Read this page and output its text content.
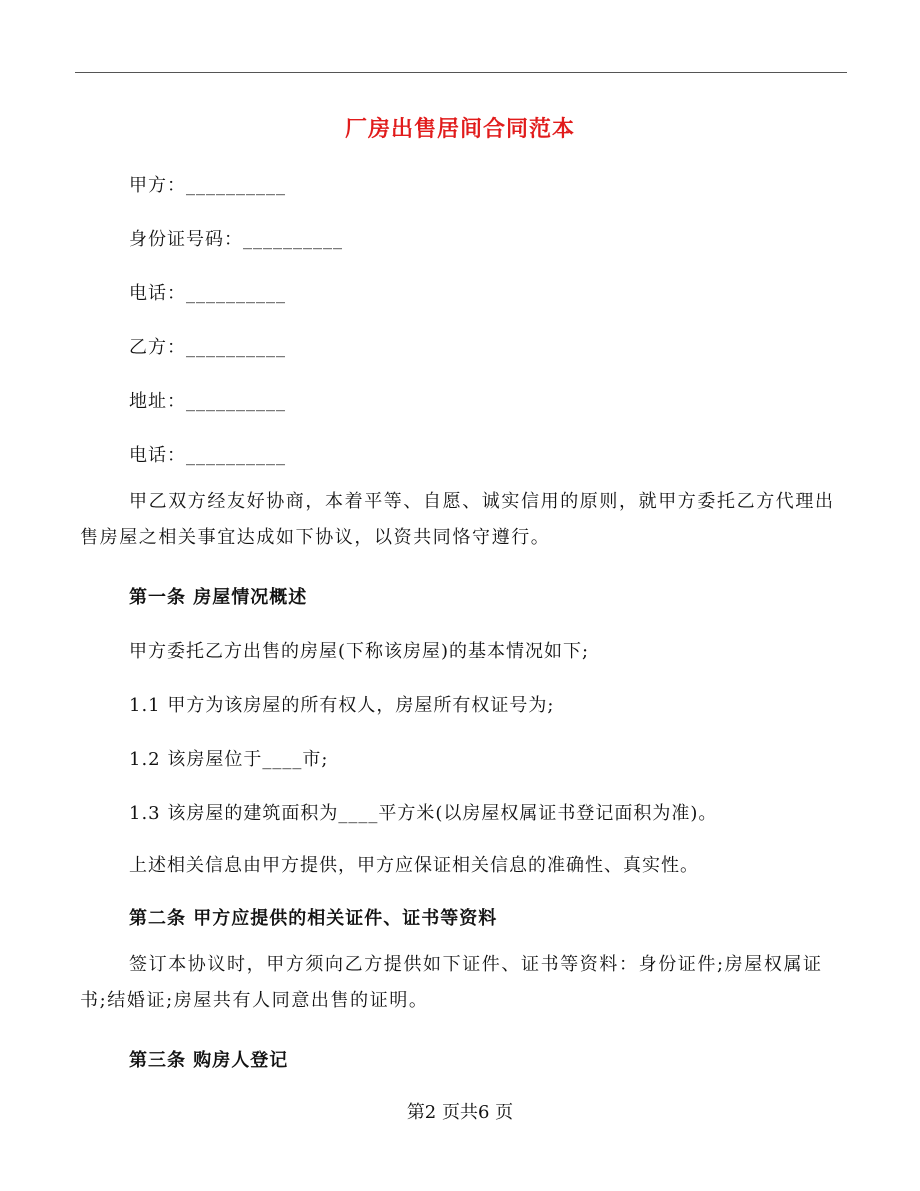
厂房出售居间合同范本
甲方：__________
身份证号码：__________
电话：__________
乙方：__________
地址：__________
电话：__________
甲乙双方经友好协商，本着平等、自愿、诚实信用的原则，就甲方委托乙方代理出售房屋之相关事宜达成如下协议，以资共同恪守遵行。
第一条 房屋情况概述
甲方委托乙方出售的房屋(下称该房屋)的基本情况如下;
1.1 甲方为该房屋的所有权人，房屋所有权证号为;
1.2 该房屋位于____市;
1.3 该房屋的建筑面积为____平方米(以房屋权属证书登记面积为准)。
上述相关信息由甲方提供，甲方应保证相关信息的准确性、真实性。
第二条 甲方应提供的相关证件、证书等资料
签订本协议时，甲方须向乙方提供如下证件、证书等资料：身份证件;房屋权属证书;结婚证;房屋共有人同意出售的证明。
第三条 购房人登记
第2 页共6 页
